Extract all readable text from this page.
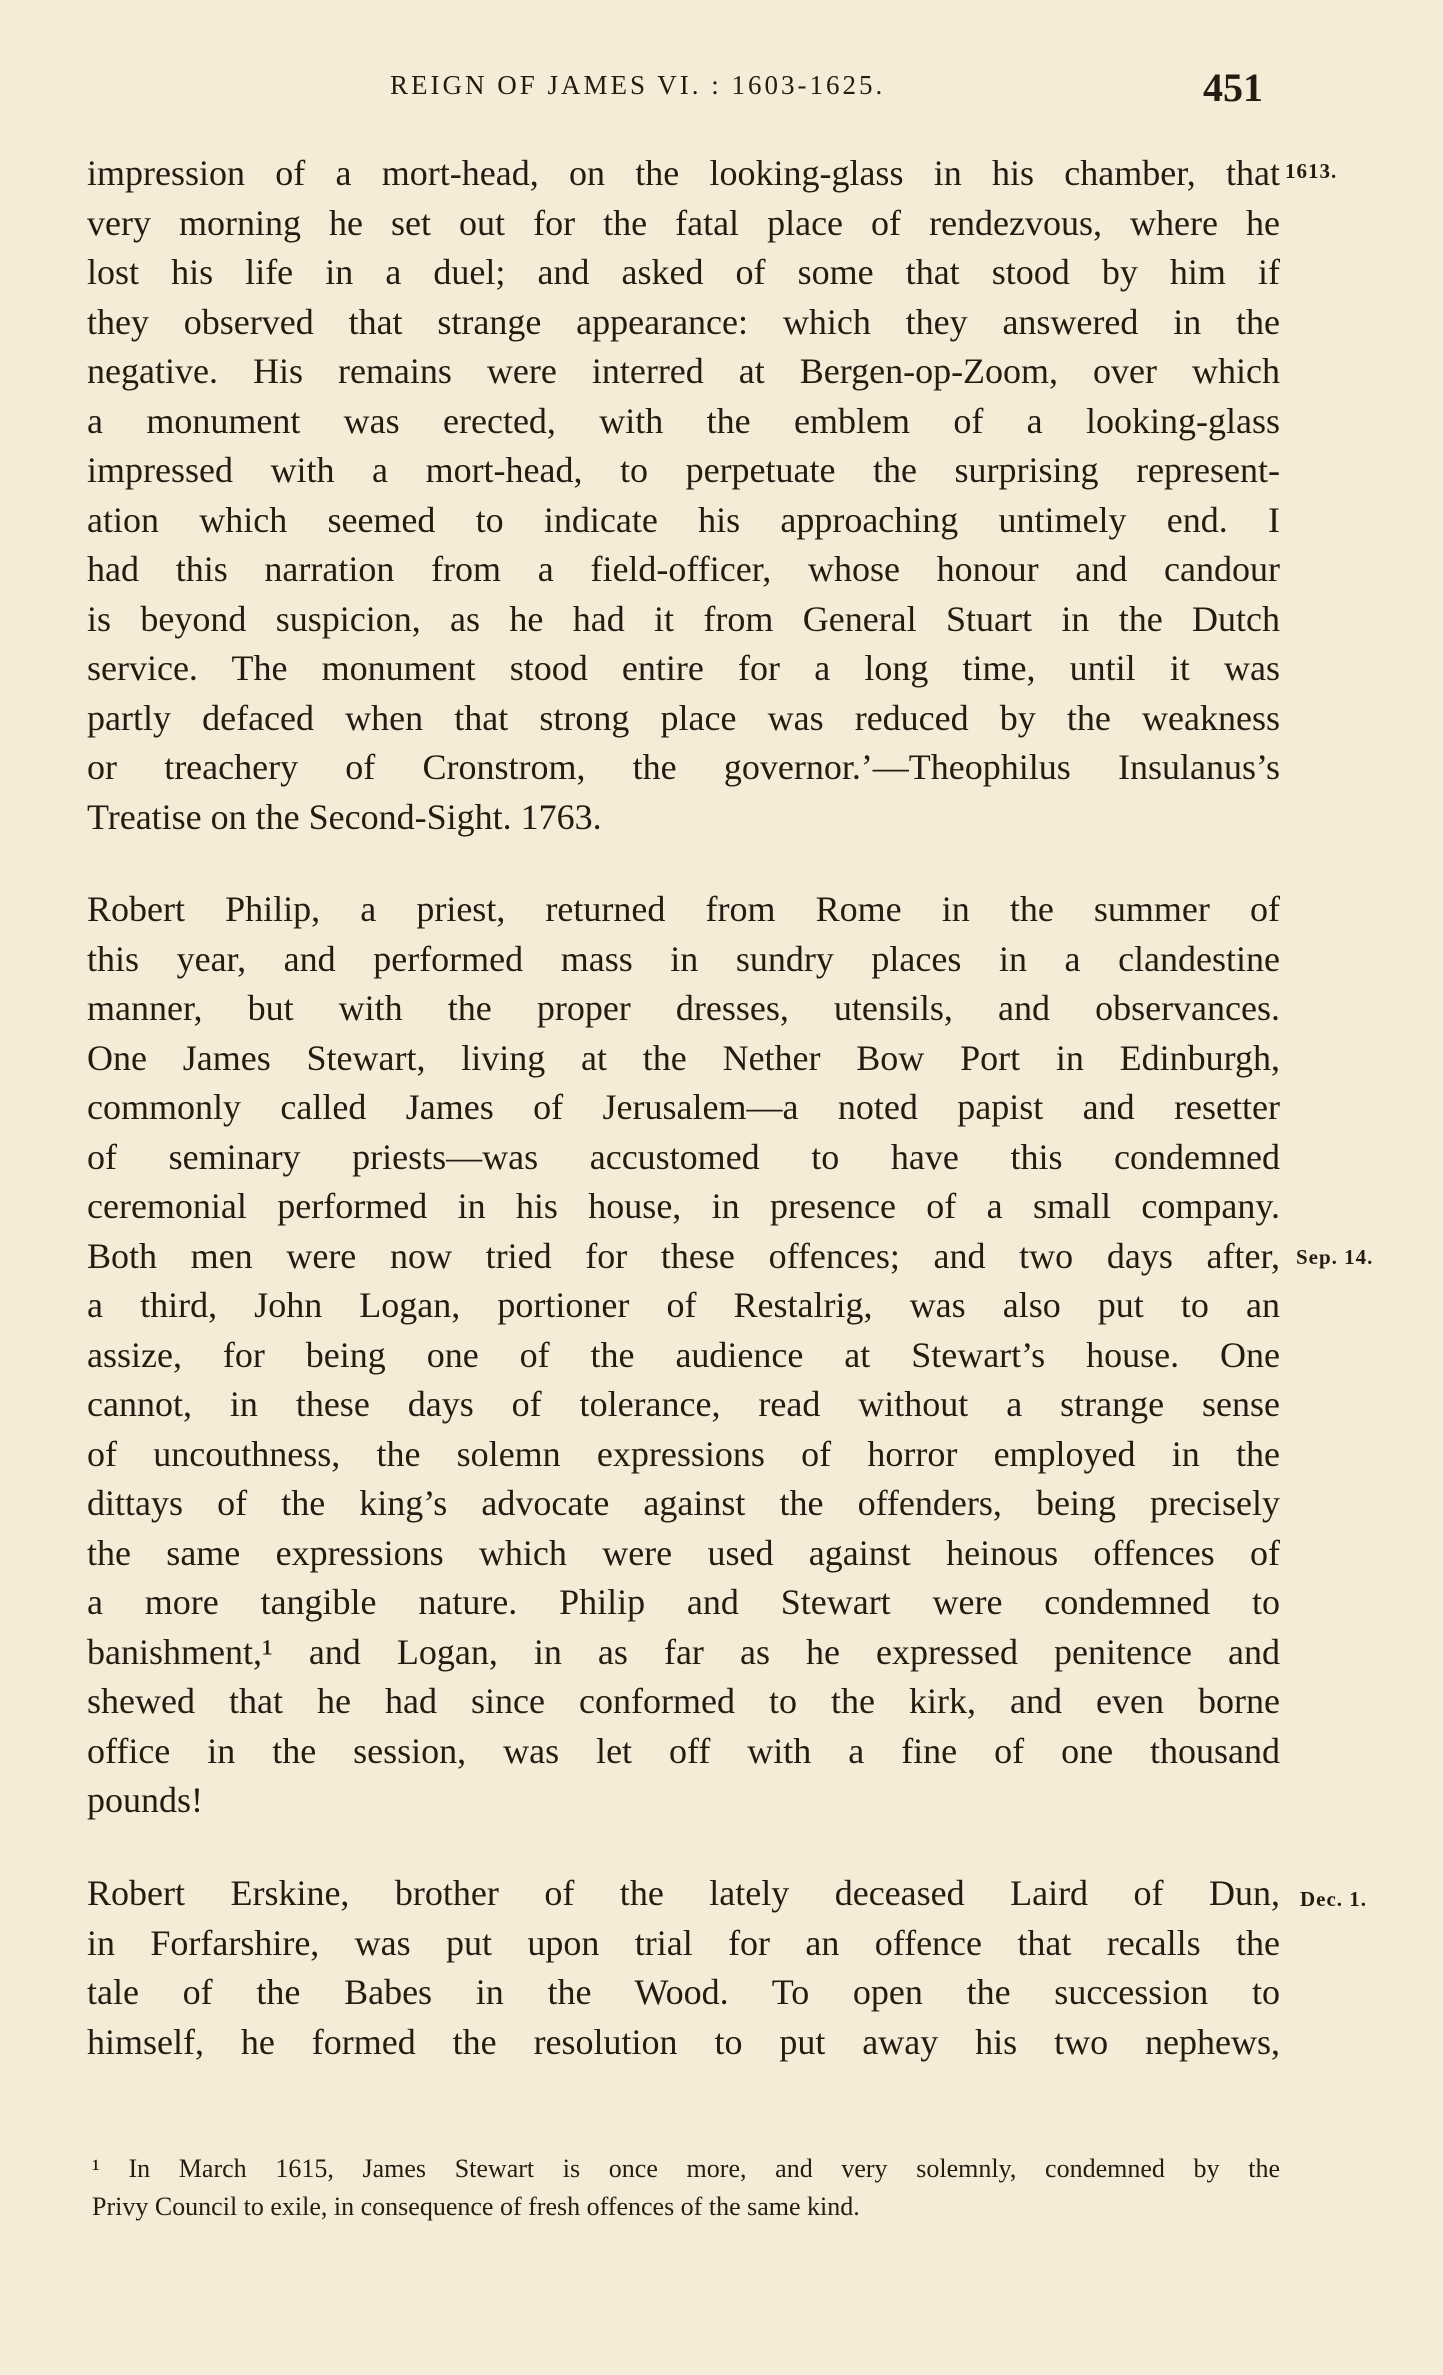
REIGN OF JAMES VI. : 1603-1625.	451
1613.
Sep. 14.
Dec. 1.
impression of a mort-head, on the looking-glass in his chamber, that
very morning he set out for the fatal place of rendezvous, where he
lost his life in a duel; and asked of some that stood by him if
they observed that strange appearance: which they answered in the
negative. His remains were interred at Bergen-op-Zoom, over which
a monument was erected, with the emblem of a looking-glass
impressed with a mort-head, to perpetuate the surprising represent-
ation which seemed to indicate his approaching untimely end. I
had this narration from a field-officer, whose honour and candour
is beyond suspicion, as he had it from General Stuart in the Dutch
service. The monument stood entire for a long time, until it was
partly defaced when that strong place was reduced by the weakness
or treachery of Cronstrom, the governor.’—Theophilus Insulanus’s
Treatise on the Second-Sight. 1763.
Robert Philip, a priest, returned from Rome in the summer of
this year, and performed mass in sundry places in a clandestine
manner, but with the proper dresses, utensils, and observances.
One James Stewart, living at the Nether Bow Port in Edinburgh,
commonly called James of Jerusalem—a noted papist and resetter
of seminary priests—was accustomed to have this condemned
ceremonial performed in his house, in presence of a small company.
Both men were now tried for these offences; and two days after,
a third, John Logan, portioner of Restalrig, was also put to an
assize, for being one of the audience at Stewart’s house. One
cannot, in these days of tolerance, read without a strange sense
of uncouthness, the solemn expressions of horror employed in the
dittays of the king’s advocate against the offenders, being precisely
the same expressions which were used against heinous offences of
a more tangible nature. Philip and Stewart were condemned to
banishment,¹ and Logan, in as far as he expressed penitence and
shewed that he had since conformed to the kirk, and even borne
office in the session, was let off with a fine of one thousand
pounds!
Robert Erskine, brother of the lately deceased Laird of Dun,
in Forfarshire, was put upon trial for an offence that recalls the
tale of the Babes in the Wood. To open the succession to
himself, he formed the resolution to put away his two nephews,
¹ In March 1615, James Stewart is once more, and very solemnly, condemned by the
Privy Council to exile, in consequence of fresh offences of the same kind.
